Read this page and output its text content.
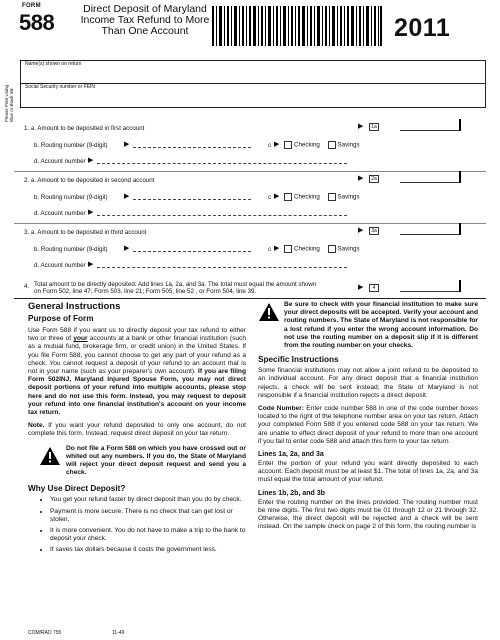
FORM
588
Direct Deposit of Maryland
Income Tax Refund to More
Than One Account	2011
Please Print Using Blue or Black Ink
Name(s) shown on return
Social Security number or FEIN
1. a. Amount to be deposited in first account	▶	1a
b. Routing number (9-digit) ▶	c ▶	Checking	Savings
d. Account number ▶
2. a. Amount to be deposited in second account	▶	2a
b. Routing number (9-digit) ▶	c ▶	Checking	Savings
d. Account number ▶
3. a. Amount to be deposited in third account	▶	3a
b. Routing number (9-digit) ▶	c ▶	Checking	Savings
d. Account number ▶
4. Total amount to be directly deposited. Add lines 1a, 2a, and 3a. The total must equal the amount shown
on Form 502, line 47; Form 503, line 21; Form 505, line 52 , or Form 504, line 39.
▶	4
General Instructions
Purpose of Form
Use Form 588 if you want us to directly deposit your tax refund to either two or three of your accounts at a bank or other financial institution (such as a mutual fund, brokerage firm, or credit union) in the United States. If you file Form 588, you cannot choose to get any part of your refund as a check. You cannot request a deposit of your refund to an account that is not in your name (such as your preparer's own account). If you are filing Form 502INJ, Maryland Injured Spouse Form, you may not direct deposit portions of your refund into multiple accounts, please stop here and do not use this form. Instead, you may request to deposit your refund into one financial institution's account on your income tax return.
Note. If you want your refund deposited to only one account, do not complete this form. Instead, request direct deposit on your tax return.
Do not file a Form 588 on which you have crossed out or whited out any numbers. If you do, the State of Maryland will reject your direct deposit request and send you a check.
Why Use Direct Deposit?
• You get your refund faster by direct deposit than you do by check.
• Payment is more secure. There is no check that can get lost or stolen.
• It is more convenient. You do not have to make a trip to the bank to deposit your check.
• It saves tax dollars because it costs the government less.
COM/RAD 755	11-49
Be sure to check with your financial institution to make sure your direct deposits will be accepted. Verify your account and routing numbers. The State of Maryland is not responsible for a lost refund if you enter the wrong account information. Do not use the routing number on a deposit slip if it is different from the routing number on your checks.
Specific Instructions
Some financial institutions may not allow a joint refund to be deposited to an individual account. For any direct deposit that a financial institution rejects, a check will be sent instead; the State of Maryland is not responsible if a financial institution rejects a direct deposit.
Code Number: Enter code number 588 in one of the code number boxes located to the right of the telephone number area on your tax return. Attach your completed Form 588 if you entered code 588 on your tax return. We are unable to effect direct deposit of your refund to more than one account if you fail to enter code 588 and attach this form to your tax return.
Lines 1a, 2a, and 3a
Enter the portion of your refund you want directly deposited to each account. Each deposit must be at least $1. The total of lines 1a, 2a, and 3a must equal the total amount of your refund.
Lines 1b, 2b, and 3b
Enter the routing number on the lines provided. The routing number must be nine digits. The first two digits must be 01 through 12 or 21 through 32. Otherwise, the direct deposit will be rejected and a check will be sent instead. On the sample check on page 2 of this form, the routing number is
